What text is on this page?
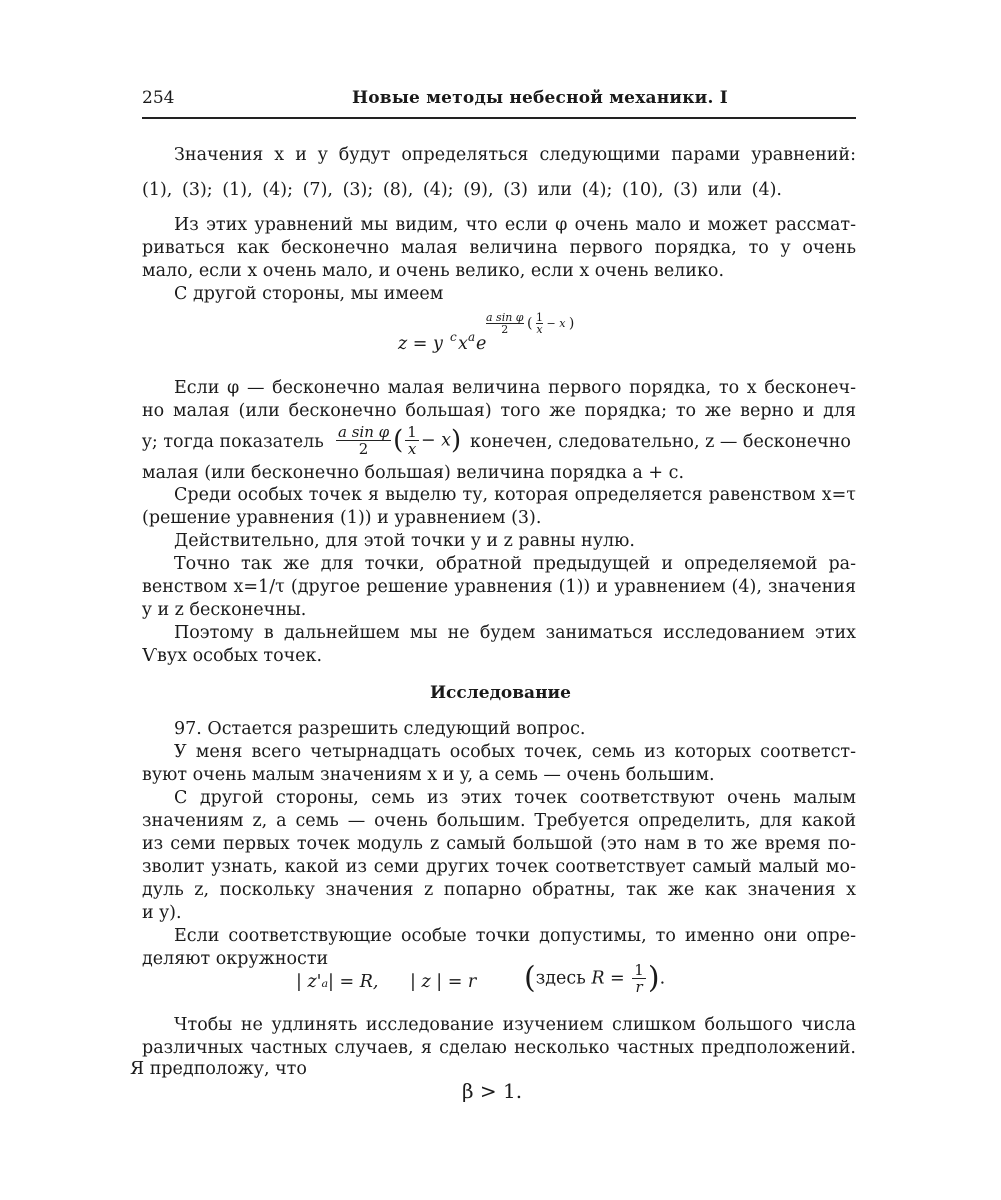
254	Новые методы небесной механики. I
Значения x и y будут определяться следующими парами уравнений:
(1), (3); (1), (4); (7), (3); (8), (4); (9), (3) или (4); (10), (3) или (4).
Из этих уравнений мы видим, что если φ очень мало и может рассмат-
риваться как бесконечно малая величина первого порядка, то y очень
мало, если x очень мало, и очень велико, если x очень велико.
С другой стороны, мы имеем
z = y c x a e
$\frac{\text{a sin φ}}{2}$ ( $\frac{1}{x} - x$ )
Если φ — бесконечно малая величина первого порядка, то x бесконеч-
но малая (или бесконечно большая) того же порядка; то же верно и для
y; тогда показатель $\frac{\text{a sin φ}}{2}$ ( $\frac{1}{x} - x$) конечен, следовательно, z — бесконечно
малая (или бесконечно большая) величина порядка a + c.
Среди особых точек я выделю ту, которая определяется равенством x=τ
(решение уравнения (1)) и уравнением (3).
Действительно, для этой точки y и z равны нулю.
Точно так же для точки, обратной предыдущей и определяемой ра-
венством x=1/τ (другое решение уравнения (1)) и уравнением (4), значения
y и z бесконечны.
Поэтому в дальнейшем мы не будем заниматься исследованием этих
Ѵвух особых точек.
Исследование
97. Остается разрешить следующий вопрос.
У меня всего четырнадцать особых точек, семь из которых соответст-
вуют очень малым значениям x и y, а семь — очень большим.
С другой стороны, семь из этих точек соответствуют очень малым
значениям z, а семь — очень большим. Требуется определить, для какой
из семи первых точек модуль z самый большой (это нам в то же время по-
зволит узнать, какой из семи других точек соответствует самый малый мо-
дуль z, поскольку значения z попарно обратны, так же как значения x
и y).
Если соответствующие особые точки допустимы, то именно они опре-
деляют окружности
| z'ₐ| = R, | z | = r (здесь $R = \frac{1}{r}$ ).
Чтобы не удлинять исследование изучением слишком большого числа
различных частных случаев, я сделаю несколько частных предположений.
Я предположу, что
β > 1.
